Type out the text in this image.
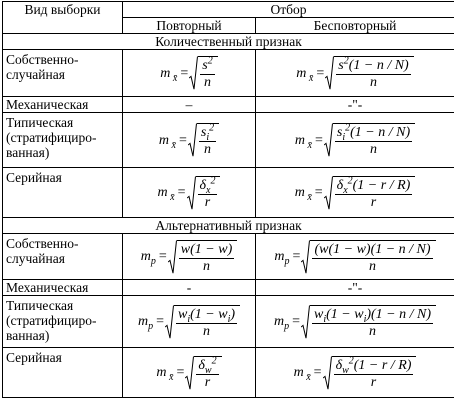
Вид выборки	Отбор	
	Повторный	Бесповторный
Количественный признак		

Собственно-
случайная	m $_{x̄} = \frac{s^2}{n}$	m $_{x̄} = \frac{s^2(1 - n / N)}{n}$

Механическая	–	-"-
Типическая
(стратифициро-
ванная)	m $_{x̄} = \frac{s_i^2}{n}$	m $_{x̄} = \frac{s_i^2(1 - n / N)}{n}$

Серийная	m $_{x̄} = \frac{\delta_x^2}{r}$	m $_{x̄} = \frac{\delta_x^2(1 - r / R)}{r}$

Альтернативный признак		
Собственно-
случайная	$m_p = \frac{w(1 - w)}{n}$	$m_p = \frac{(w(1 - w)(1 - n / N)}{n}$

Механическая	-	-"-
Типическая
(стратифициро-
ванная)	$m_p = \frac{w_i(1 - w_i)}{n}$	$m_p = \frac{w_i(1 - w_i)(1 - n / N)}{n}$

Серийная	m $_{x̄} = \frac{\delta_w^2}{r}$	m $_{x̄} = \frac{\delta_w^2(1 - r / R)}{r}$
